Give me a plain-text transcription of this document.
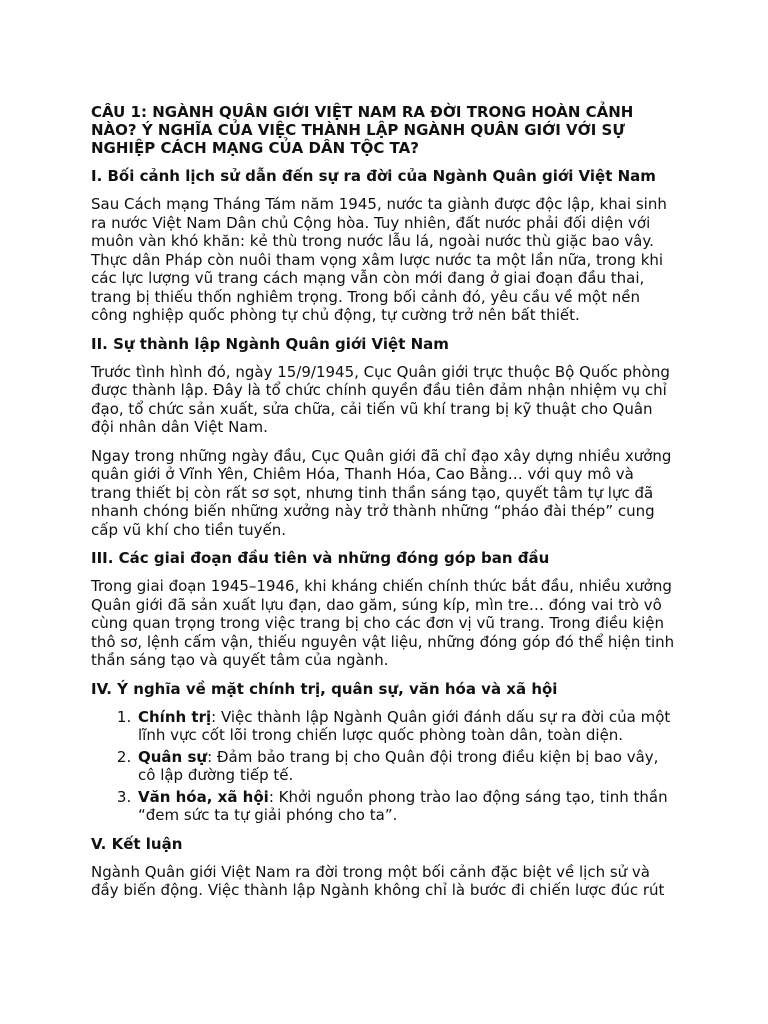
CÂU 1: NGÀNH QUÂN GIỚI VIỆT NAM RA ĐỜI TRONG HOÀN CẢNH NÀO? Ý NGHĨA CỦA VIỆC THÀNH LẬP NGÀNH QUÂN GIỚI VỚI SỰ NGHIỆP CÁCH MẠNG CỦA DÂN TỘC TA?
I. Bối cảnh lịch sử dẫn đến sự ra đời của Ngành Quân giới Việt Nam

Sau Cách mạng Tháng Tám năm 1945, nước ta giành được độc lập, khai sinh ra nước Việt Nam Dân chủ Cộng hòa. Tuy nhiên, đất nước phải đối diện với muôn vàn khó khăn: kẻ thù trong nước lẫu lá, ngoài nước thù giặc bao vây. Thực dân Pháp còn nuôi tham vọng xâm lược nước ta một lần nữa, trong khi các lực lượng vũ trang cách mạng vẫn còn mới đang ở giai đoạn đầu thai, trang bị thiếu thốn nghiêm trọng. Trong bối cảnh đó, yêu cầu về một nền công nghiệp quốc phòng tự chủ động, tự cường trở nên bất thiết.

II. Sự thành lập Ngành Quân giới Việt Nam

Trước tình hình đó, ngày 15/9/1945, Cục Quân giới trực thuộc Bộ Quốc phòng được thành lập. Đây là tổ chức chính quyền đầu tiên đảm nhận nhiệm vụ chỉ đạo, tổ chức sản xuất, sửa chữa, cải tiến vũ khí trang bị kỹ thuật cho Quân đội nhân dân Việt Nam.

Ngay trong những ngày đầu, Cục Quân giới đã chỉ đạo xây dựng nhiều xưởng quân giới ở Vĩnh Yên, Chiêm Hóa, Thanh Hóa, Cao Bằng… với quy mô và trang thiết bị còn rất sơ sọt, nhưng tinh thần sáng tạo, quyết tâm tự lực đã nhanh chóng biến những xưởng này trở thành những “pháo đài thép” cung cấp vũ khí cho tiền tuyến.

III. Các giai đoạn đầu tiên và những đóng góp ban đầu

Trong giai đoạn 1945–1946, khi kháng chiến chính thức bắt đầu, nhiều xưởng Quân giới đã sản xuất lựu đạn, dao găm, súng kíp, mìn tre… đóng vai trò vô cùng quan trọng trong việc trang bị cho các đơn vị vũ trang. Trong điều kiện thô sơ, lệnh cấm vận, thiếu nguyên vật liệu, những đóng góp đó thể hiện tinh thần sáng tạo và quyết tâm của ngành.

IV. Ý nghĩa về mặt chính trị, quân sự, văn hóa và xã hội
1. Chính trị: Việc thành lập Ngành Quân giới đánh dấu sự ra đời của một lĩnh vực cốt lõi trong chiến lược quốc phòng toàn dân, toàn diện.
2. Quân sự: Đảm bảo trang bị cho Quân đội trong điều kiện bị bao vây, cô lập đường tiếp tế.
3. Văn hóa, xã hội: Khởi nguồn phong trào lao động sáng tạo, tinh thần “đem sức ta tự giải phóng cho ta”.
V. Kết luận

Ngành Quân giới Việt Nam ra đời trong một bối cảnh đặc biệt về lịch sử và đầy biến động. Việc thành lập Ngành không chỉ là bước đi chiến lược đúc rút
